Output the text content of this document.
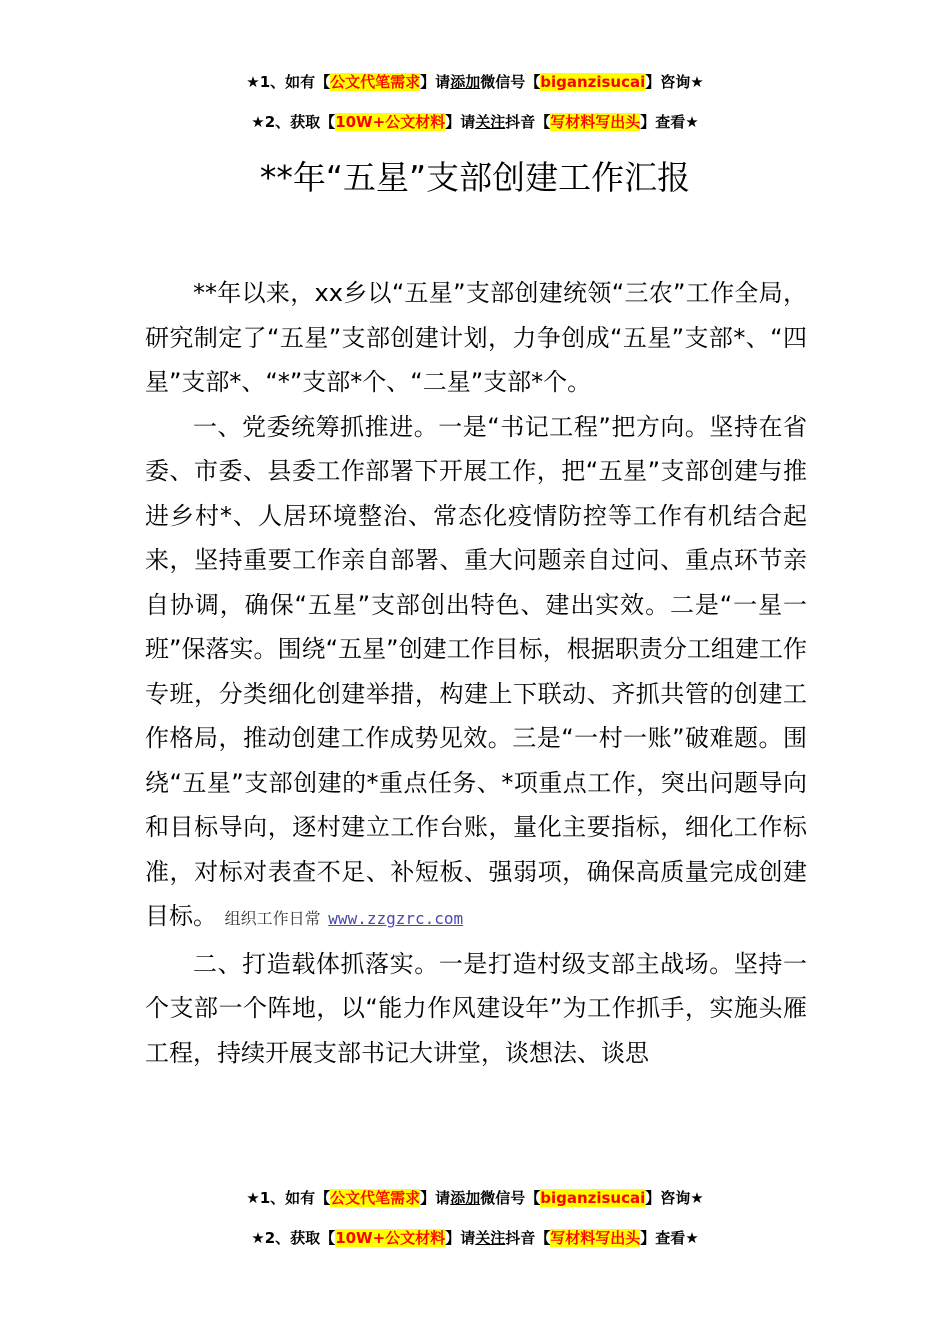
★1、如有【公文代笔需求】请添加微信号【biganzisucai】咨询★
★2、获取【10W+公文材料】请关注抖音【写材料写出头】查看★
**年“五星”支部创建工作汇报

**年以来，xx乡以“五星”支部创建统领“三农”工作全局，研究制定了“五星”支部创建计划，力争创成“五星”支部*、“四星”支部*、“*”支部*个、“二星”支部*个。

一、党委统筹抓推进。一是“书记工程”把方向。坚持在省委、市委、县委工作部署下开展工作，把“五星”支部创建与推进乡村*、人居环境整治、常态化疫情防控等工作有机结合起来，坚持重要工作亲自部署、重大问题亲自过问、重点环节亲自协调，确保“五星”支部创出特色、建出实效。二是“一星一班”保落实。围绕“五星”创建工作目标，根据职责分工组建工作专班，分类细化创建举措，构建上下联动、齐抓共管的创建工作格局，推动创建工作成势见效。三是“一村一账”破难题。围绕“五星”支部创建的*重点任务、*项重点工作，突出问题导向和目标导向，逐村建立工作台账，量化主要指标，细化工作标准，对标对表查不足、补短板、强弱项，确保高质量完成创建目标。 组织工作日常 www.zzgzrc.com

二、打造载体抓落实。一是打造村级支部主战场。坚持一个支部一个阵地，以“能力作风建设年”为工作抓手，实施头雁工程，持续开展支部书记大讲堂，谈想法、谈思

★1、如有【公文代笔需求】请添加微信号【biganzisucai】咨询★
★2、获取【10W+公文材料】请关注抖音【写材料写出头】查看★
